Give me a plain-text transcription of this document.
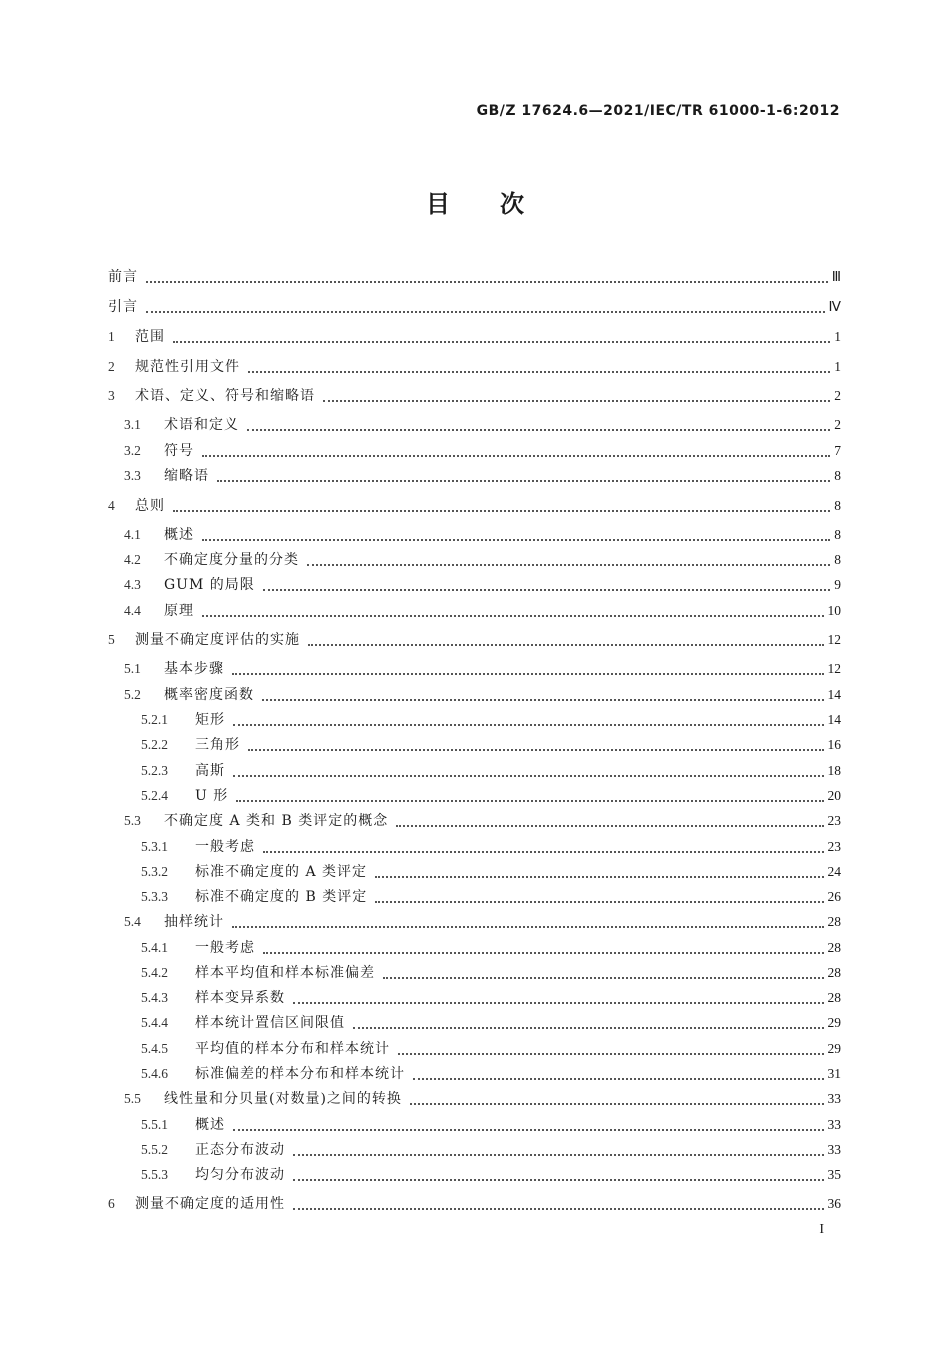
GB/Z 17624.6—2021/IEC/TR 61000-1-6:2012
目 次
前言	Ⅲ
引言	Ⅳ
1	范围	1
2	规范性引用文件	1
3	术语、定义、符号和缩略语	2
3.1	术语和定义	2
3.2	符号	7
3.3	缩略语	8
4	总则	8
4.1	概述	8
4.2	不确定度分量的分类	8
4.3	GUM 的局限	9
4.4	原理	10
5	测量不确定度评估的实施	12
5.1	基本步骤	12
5.2	概率密度函数	14
5.2.1	矩形	14
5.2.2	三角形	16
5.2.3	高斯	18
5.2.4	U 形	20
5.3	不确定度 A 类和 B 类评定的概念	23
5.3.1	一般考虑	23
5.3.2	标准不确定度的 A 类评定	24
5.3.3	标准不确定度的 B 类评定	26
5.4	抽样统计	28
5.4.1	一般考虑	28
5.4.2	样本平均值和样本标准偏差	28
5.4.3	样本变异系数	28
5.4.4	样本统计置信区间限值	29
5.4.5	平均值的样本分布和样本统计	29
5.4.6	标准偏差的样本分布和样本统计	31
5.5	线性量和分贝量(对数量)之间的转换	33
5.5.1	概述	33
5.5.2	正态分布波动	33
5.5.3	均匀分布波动	35
6	测量不确定度的适用性	36
I
